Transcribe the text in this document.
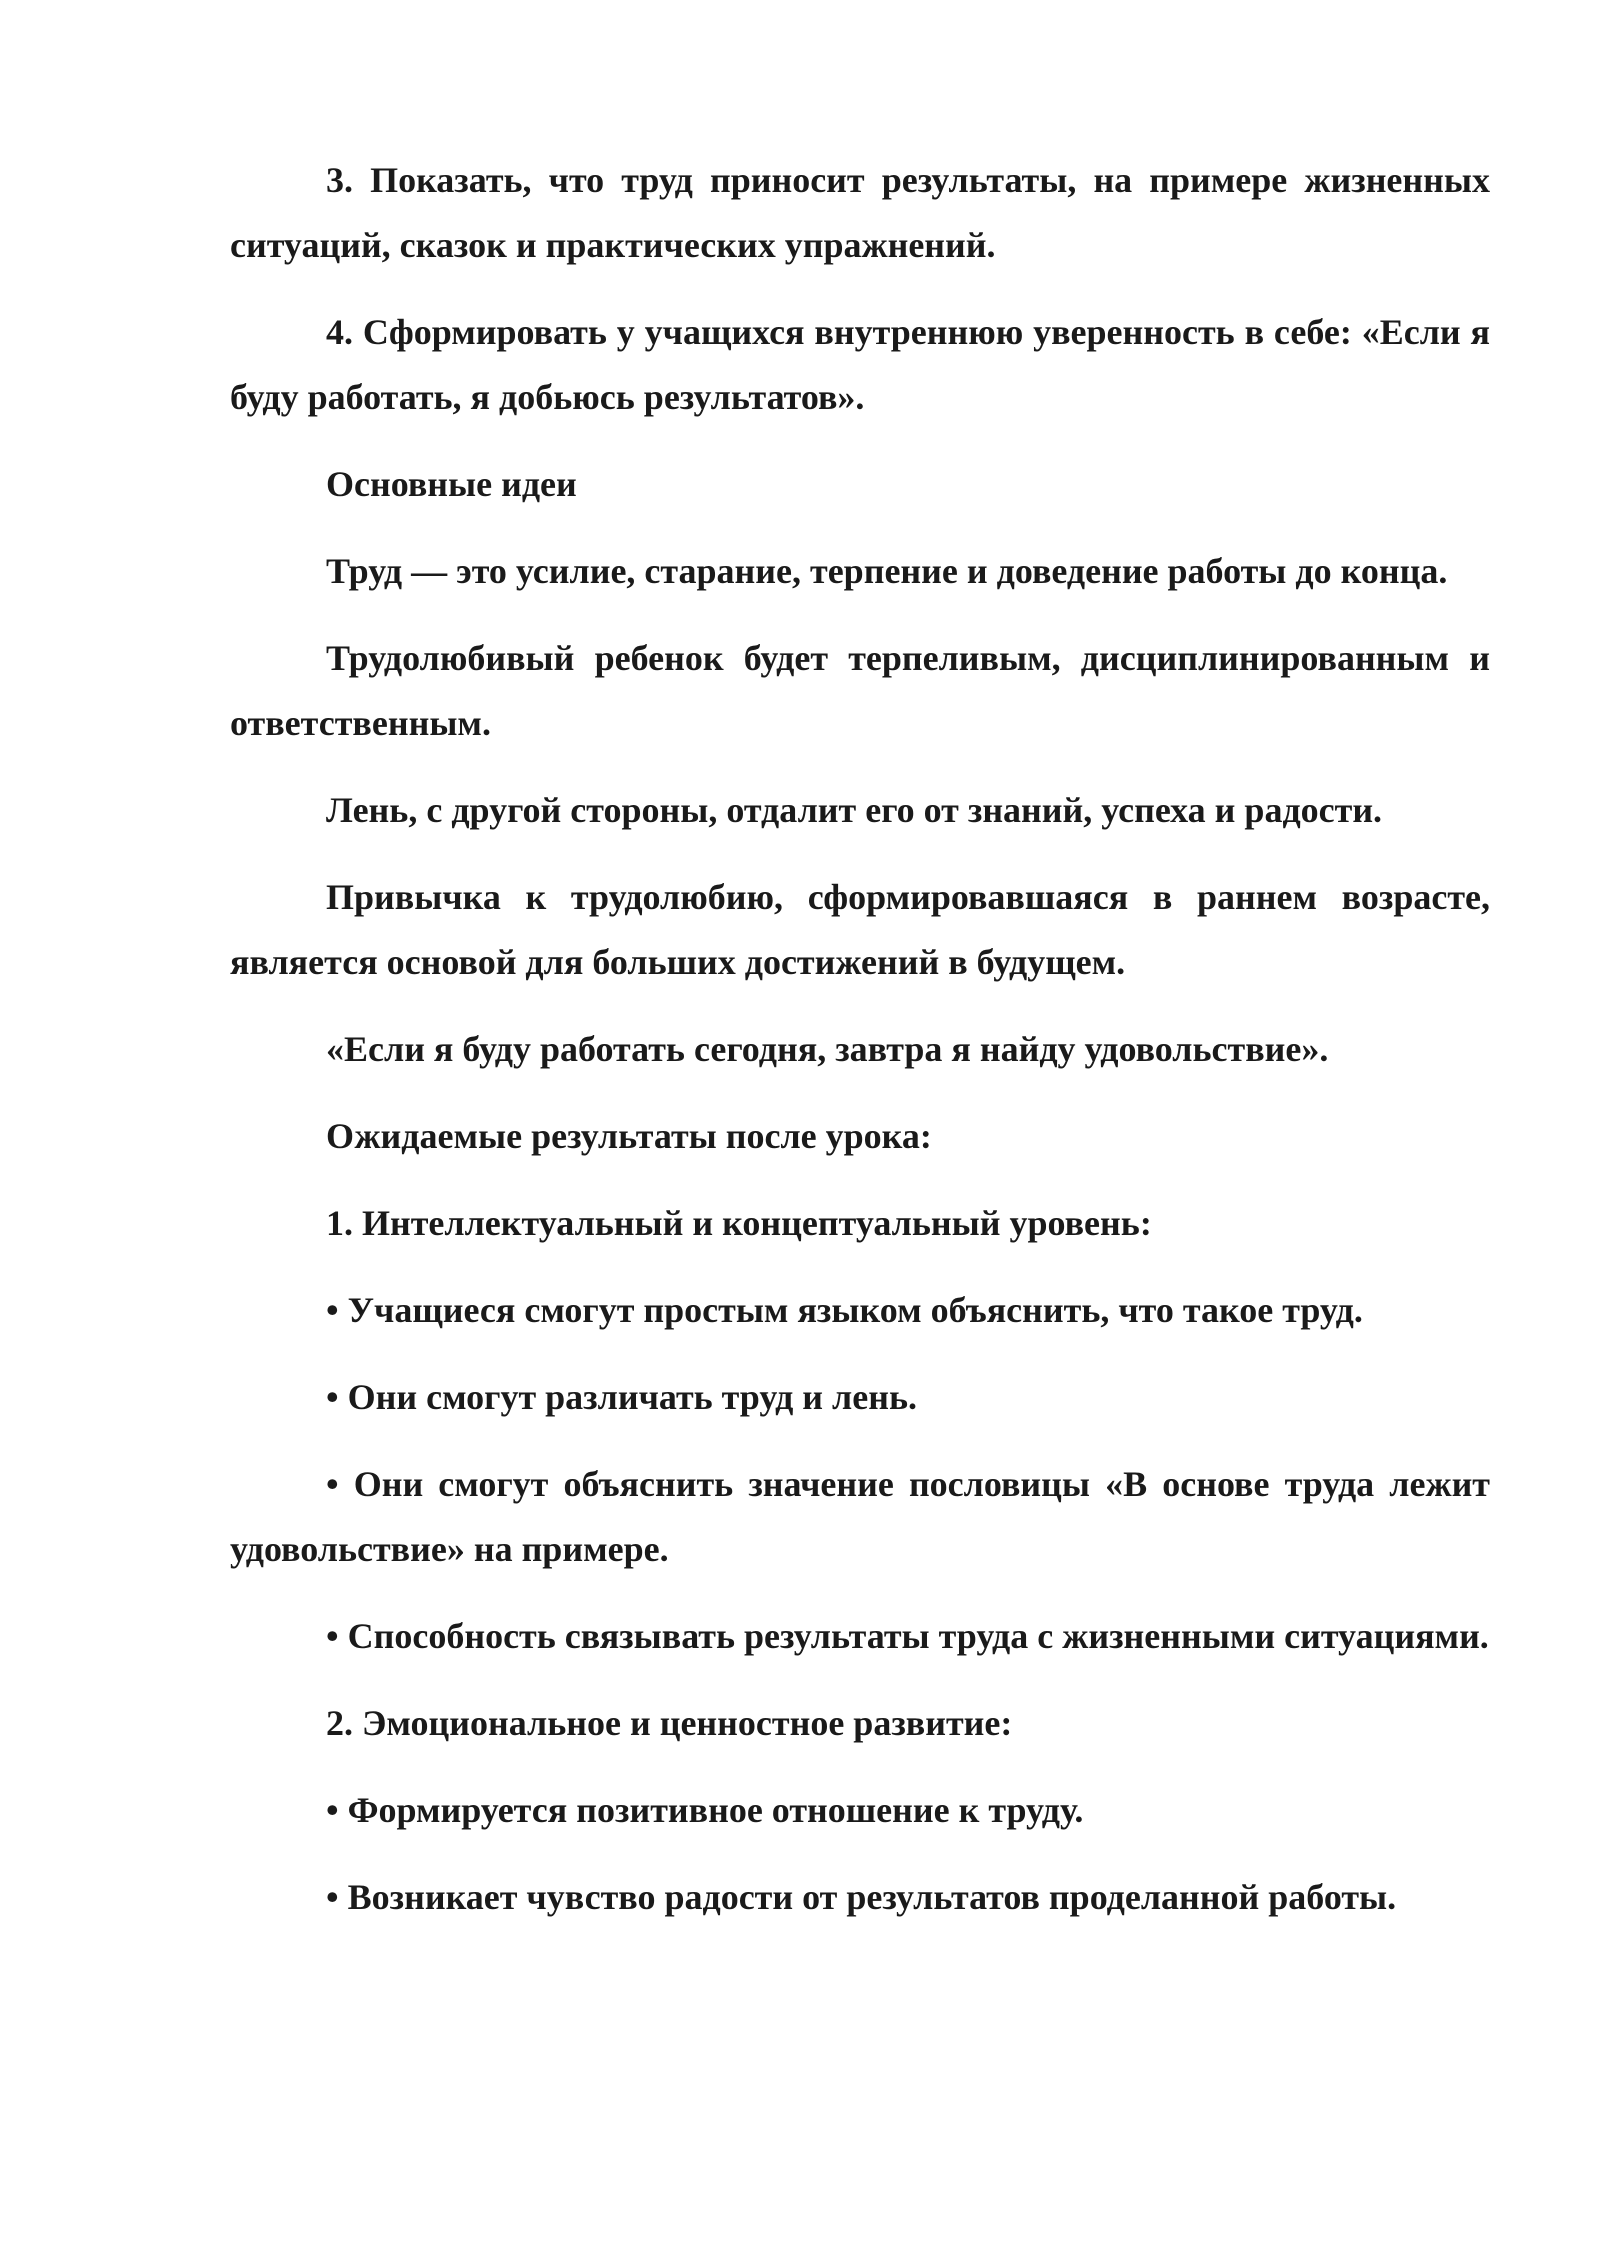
3. Показать, что труд приносит результаты, на примере жизненных ситуаций, сказок и практических упражнений.

4. Сформировать у учащихся внутреннюю уверенность в себе: «Если я буду работать, я добьюсь результатов».

Основные идеи

Труд — это усилие, старание, терпение и доведение работы до конца.

Трудолюбивый ребенок будет терпеливым, дисциплинированным и ответственным.

Лень, с другой стороны, отдалит его от знаний, успеха и радости.

Привычка к трудолюбию, сформировавшаяся в раннем возрасте, является основой для больших достижений в будущем.

«Если я буду работать сегодня, завтра я найду удовольствие».

Ожидаемые результаты после урока:

1. Интеллектуальный и концептуальный уровень:

• Учащиеся смогут простым языком объяснить, что такое труд.

• Они смогут различать труд и лень.

• Они смогут объяснить значение пословицы «В основе труда лежит удовольствие» на примере.

• Способность связывать результаты труда с жизненными ситуациями.

2. Эмоциональное и ценностное развитие:

• Формируется позитивное отношение к труду.

• Возникает чувство радости от результатов проделанной работы.
